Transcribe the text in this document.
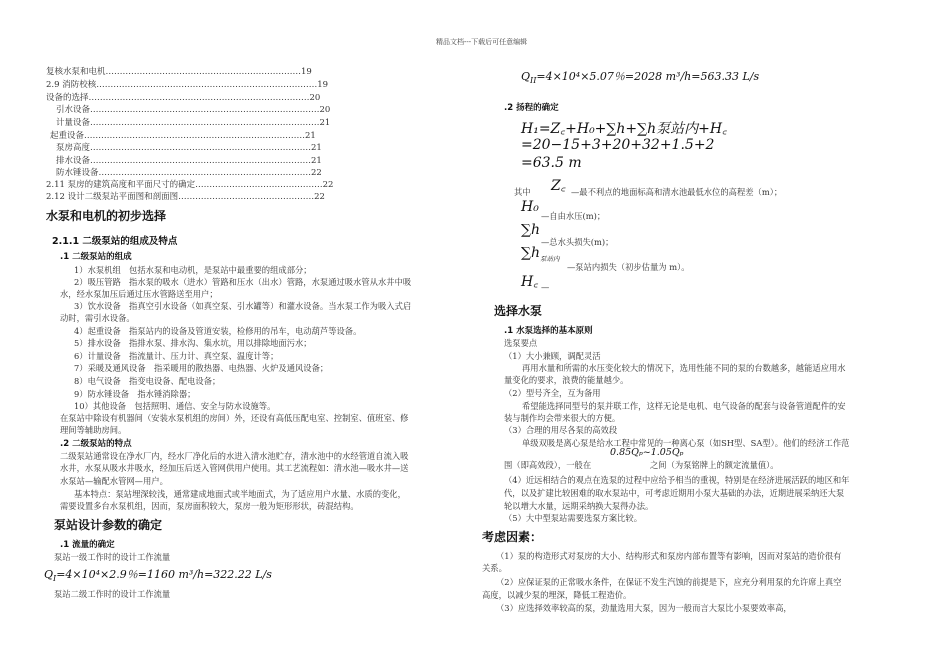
精品文档---下载后可任意编辑
复核水泵和电机……………………………………………………………19
2.9 消防校核……………………………………………………………………19
设备的选择……………………………………………………………………20
引水设备………………………………………………………………………20
计量设备………………………………………………………………………21
起重设备……………………………………………………………………21
泵房高度……………………………………………………………………21
排水设备……………………………………………………………………21
防水锤设备…………………………………………………………………22
2.11 泵房的建筑高度和平面尺寸的确定………………………………………22
2.12 设计二级泵站平面图和剖面图…………………………………………22
水泵和电机的初步选择
2.1.1 二级泵站的组成及特点
.1 二级泵站的组成
1）水泵机组　包括水泵和电动机，是泵站中最重要的组成部分；
2）吸压管路　指水泵的吸水（进水）管路和压水（出水）管路，水泵通过吸水管从水井中吸
水，经水泵加压后通过压水管路送至用户；
3）饮水设备　指真空引水设备（如真空泵、引水罐等）和灌水设备。当水泵工作为吸入式启
动时，需引水设备。
4）起重设备　指泵站内的设备及管道安装，检修用的吊车，电动葫芦等设备。
5）排水设备　指排水泵、排水沟、集水坑，用以排除地面污水；
6）计量设备　指流量计、压力计、真空泵、温度计等；
7）采暖及通风设备　指采暖用的散热器、电热器、火炉及通风设备；
8）电气设备　指变电设备、配电设备；
9）防水锤设备　指水锤消除器；
10）其他设备　包括照明、通信、安全与防水设施等。
在泵站中除设有机器间（安装水泵机组的房间）外，还设有高低压配电室、控制室、值班室、修
理间等辅助房间。
.2 二级泵站的特点
二级泵站通常设在净水厂内，经水厂净化后的水进入清水池贮存，清水池中的水经管道自流入吸
水井，水泵从吸水井吸水，经加压后送入管网供用户使用。其工艺流程如：清水池—吸水井—送
水泵站—输配水管网—用户。
基本特点：泵站埋深较浅，通常建成地面式或半地面式，为了适应用户水量、水质的变化，
需要设置多台水泵机组，因而，泵房面积较大，泵房一般为矩形形状，砖混结构。
泵站设计参数的确定
.1 流量的确定
泵站一级工作时的设计工作流量
$Q_I=4\times 10^4\times 2.9$％=1160 m³/h=322.22 L/s
泵站二级工作时的设计工作流量
$Q_{II}=4\times 10^4\times 5.07$％=2028 m³/h=563.33 L/s
.2 扬程的确定
H₁=Z꜀+H₀+∑h+∑h泵站内+H꜀
=20−15+3+20+32+1.5+2
=63.5 m
其中 Z꜀ —最不利点的地面标高和清水池最低水位的高程差（m）；
H₀
—自由水压(m)；
∑h
—总水头损失(m)；
$\sum h_{泵站内}$
—泵站内损失（初步估量为 m）。
H꜀ —
选择水泵
.1 水泵选择的基本原则
选泵要点
（1）大小兼顾，调配灵活
再用水量和所需的水压变化较大的情况下，选用性能不同的泵的台数越多，越能适应用水
量变化的要求，浪费的能量越少。
（2）型号齐全，互为备用
希望能选择同型号的泵并联工作，这样无论是电机、电气设备的配套与设备管道配件的安
装与制作均会带来很大的方便。
（3）合理的用尽各泵的高效段
单级双吸是离心泵是给水工程中常见的一种离心泵（如SH型、SA型）。他们的经济工作范
围（即高效段），一般在	之间（为泵铭牌上的额定流量值）。
0.85Qₚ~1.05Qₚ
（4）近远相结合的观点在选泵的过程中应给予相当的重视，特别是在经济进展活跃的地区和年
代，以及扩建比较困难的取水泵站中，可考虑近期用小泵大基础的办法，近期进展采纳还大泵
轮以增大水量，远期采纳换大泵得办法。
（5）大中型泵站需要选泵方案比较。
考虑因素：
（1）泵的构造形式对泵房的大小、结构形式和泵房内部布置等有影响，因而对泵站的造价很有
关系。
（2）应保证泵的正常吸水条件，在保证不发生汽蚀的前提是下，应充分利用泵的允许席上真空
高度，以减少泵的埋深，降低工程造价。
（3）应选择效率较高的泵，劲量选用大泵，因为一般而言大泵比小泵要效率高，
